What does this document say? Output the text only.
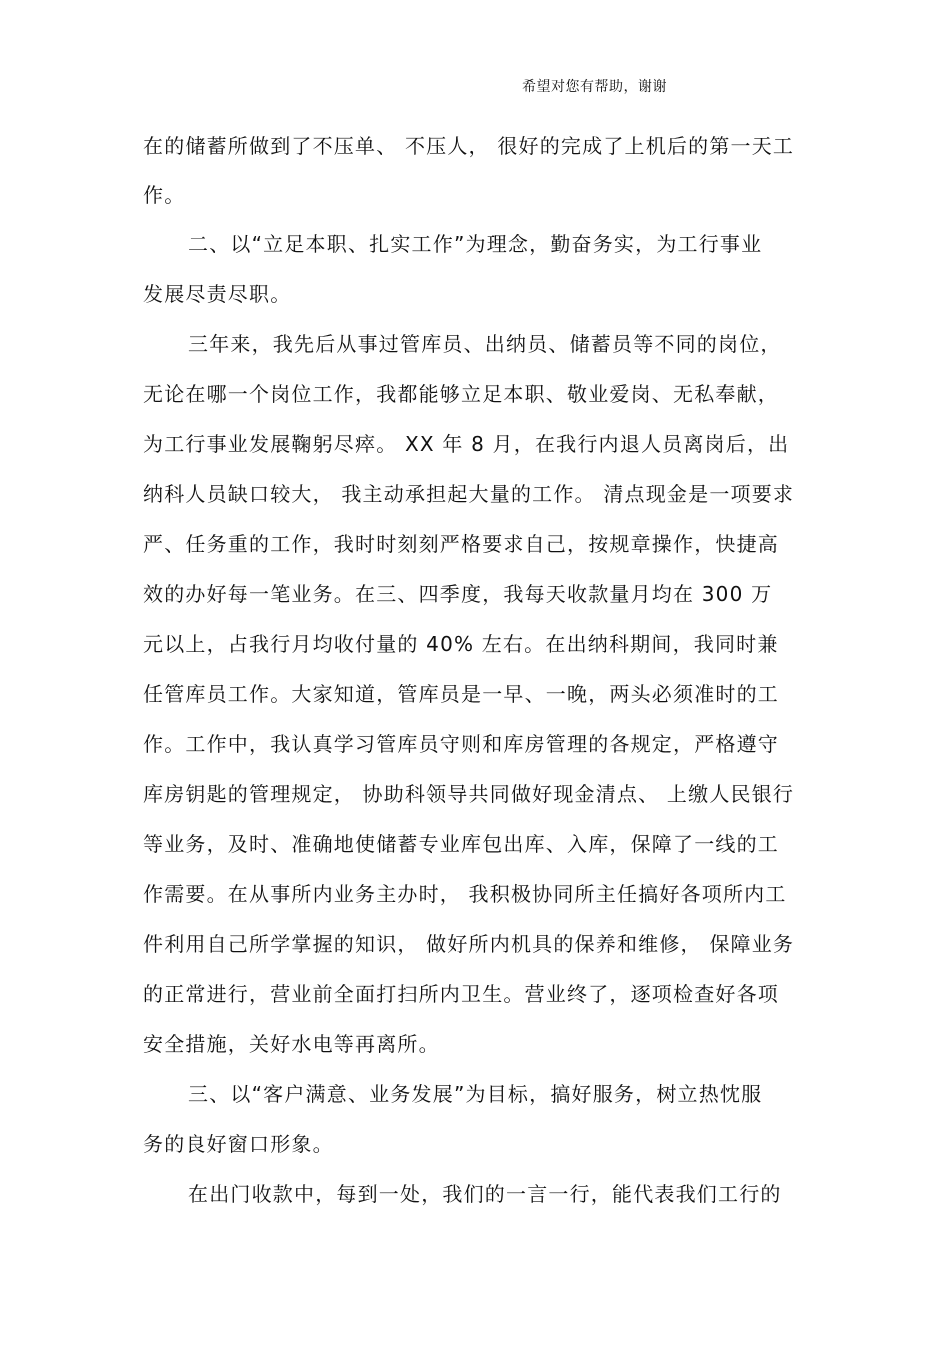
希望对您有帮助，谢谢
在的储蓄所做到了不压单、 不压人， 很好的完成了上机后的第一天工
作。
二、以“立足本职、扎实工作”为理念，勤奋务实，为工行事业
发展尽责尽职。
三年来，我先后从事过管库员、出纳员、储蓄员等不同的岗位，
无论在哪一个岗位工作，我都能够立足本职、敬业爱岗、无私奉献，
为工行事业发展鞠躬尽瘁。 XX 年 8 月，在我行内退人员离岗后，出
纳科人员缺口较大， 我主动承担起大量的工作。 清点现金是一项要求
严、任务重的工作，我时时刻刻严格要求自己，按规章操作，快捷高
效的办好每一笔业务。在三、四季度，我每天收款量月均在 300 万
元以上，占我行月均收付量的 40% 左右。在出纳科期间，我同时兼
任管库员工作。大家知道，管库员是一早、一晚，两头必须准时的工
作。工作中，我认真学习管库员守则和库房管理的各规定，严格遵守
库房钥匙的管理规定， 协助科领导共同做好现金清点、 上缴人民银行
等业务，及时、准确地使储蓄专业库包出库、入库，保障了一线的工
作需要。在从事所内业务主办时， 我积极协同所主任搞好各项所内工
件利用自己所学掌握的知识， 做好所内机具的保养和维修， 保障业务
的正常进行，营业前全面打扫所内卫生。营业终了，逐项检查好各项
安全措施，关好水电等再离所。
三、以“客户满意、业务发展”为目标，搞好服务，树立热忱服
务的良好窗口形象。
在出门收款中，每到一处，我们的一言一行，能代表我们工行的
